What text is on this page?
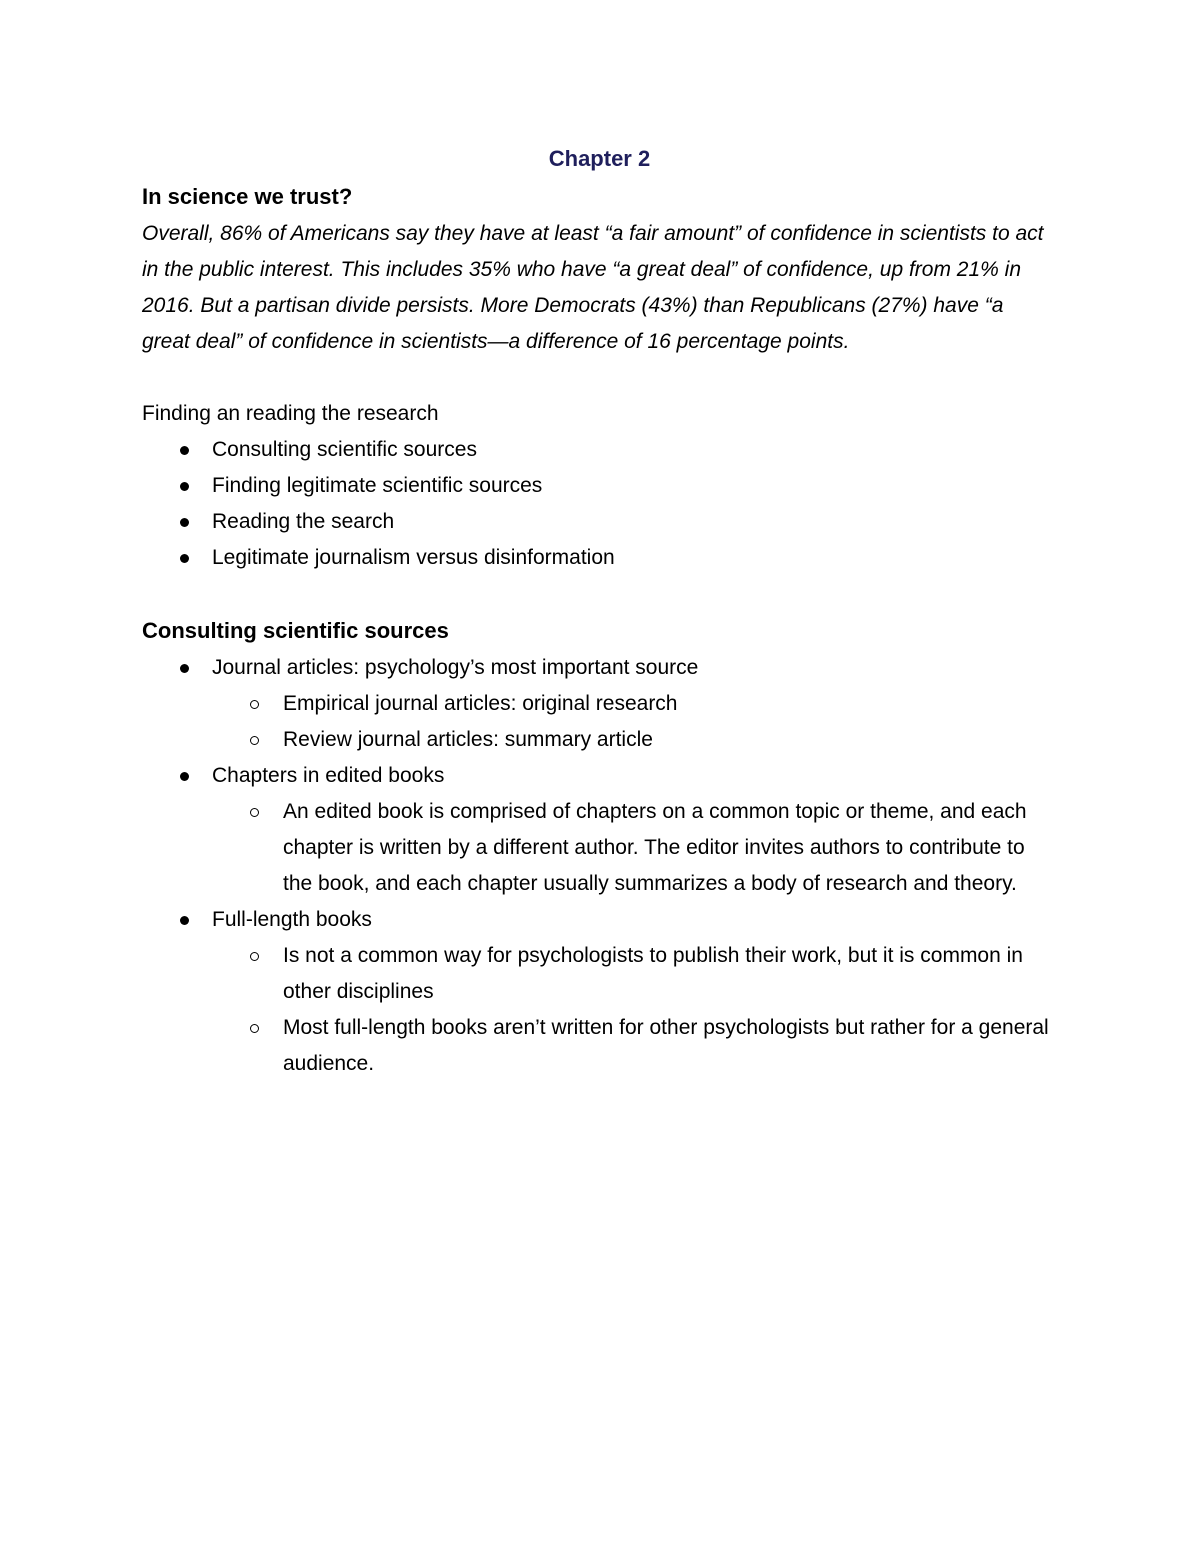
Chapter 2
In science we trust?

Overall, 86% of Americans say they have at least “a fair amount” of confidence in scientists to act in the public interest. This includes 35% who have “a great deal” of confidence, up from 21% in 2016. But a partisan divide persists. More Democrats (43%) than Republicans (27%) have “a great deal” of confidence in scientists—a difference of 16 percentage points.

Finding an reading the research

Consulting scientific sources
Finding legitimate scientific sources
Reading the search
Legitimate journalism versus disinformation
Consulting scientific sources
Journal articles: psychology’s most important source
Empirical journal articles: original research
Review journal articles: summary article
Chapters in edited books
An edited book is comprised of chapters on a common topic or theme, and each chapter is written by a different author. The editor invites authors to contribute to the book, and each chapter usually summarizes a body of research and theory.
Full-length books
Is not a common way for psychologists to publish their work, but it is common in other disciplines
Most full-length books aren’t written for other psychologists but rather for a general audience.
